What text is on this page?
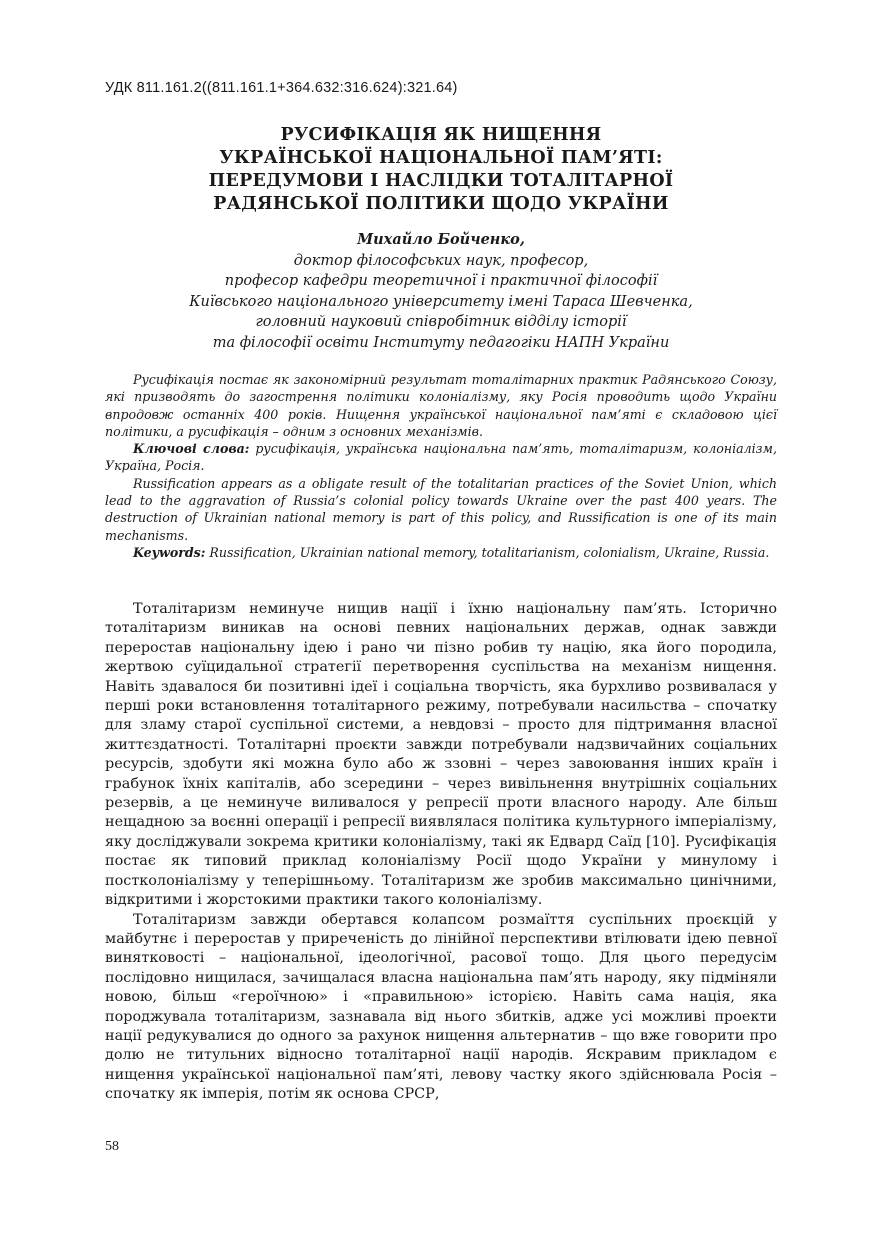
УДК 811.161.2((811.161.1+364.632:316.624):321.64)
РУСИФІКАЦІЯ ЯК НИЩЕННЯ
УКРАЇНСЬКОЇ НАЦІОНАЛЬНОЇ ПАМ’ЯТІ:
ПЕРЕДУМОВИ І НАСЛІДКИ ТОТАЛІТАРНОЇ
РАДЯНСЬКОЇ ПОЛІТИКИ ЩОДО УКРАЇНИ
Михайло Бойченко,
доктор філософських наук, професор,
професор кафедри теоретичної і практичної філософії
Київського національного університету імені Тараса Шевченка,
головний науковий співробітник відділу історії
та філософії освіти Інституту педагогіки НАПН України

Русифікація постає як закономірний результат тоталітарних практик Радянського Союзу, які призводять до загострення політики колоніалізму, яку Росія проводить щодо України впродовж останніх 400 років. Нищення української національної пам’яті є складовою цієї політики, а русифікація – одним з основних механізмів.

Ключові слова: русифікація, українська національна пам’ять, тоталітаризм, колоніалізм, Україна, Росія.

Russification appears as a obligate result of the totalitarian practices of the Soviet Union, which lead to the aggravation of Russia’s colonial policy towards Ukraine over the past 400 years. The destruction of Ukrainian national memory is part of this policy, and Russification is one of its main mechanisms.

Keywords: Russification, Ukrainian national memory, totalitarianism, colonialism, Ukraine, Russia.

Тоталітаризм неминуче нищив нації і їхню національну пам’ять. Історично тоталітаризм виникав на основі певних національних держав, однак завжди перерoстав національну ідею і рано чи пізно робив ту націю, яка його породила, жертвою суїцидальної стратегії перетворення суспільства на механізм нищення. Навіть здавалося би позитивні ідеї і соціальна творчість, яка бурхливо розвивалася у перші роки встановлення тоталітарного режиму, потребували насильства – спочатку для зламу старої суспільної системи, а невдовзі – просто для підтримання власної життєздатності. Тоталітарні проєкти завжди потребували надзвичайних соціальних ресурсів, здобути які можна було або ж ззовні – через завоювання інших країн і грабунок їхніх капіталів, або зсередини – через вивільнення внутрішніх соціальних резервів, а це неминуче виливалося у репресії проти власного народу. Але більш нещадною за воєнні операції і репресії виявлялася політика культурного імперіалізму, яку досліджували зокрема критики колоніалізму, такі як Едвард Саїд [10]. Русифікація постає як типовий приклад колоніалізму Росії щодо України у минулому і постколоніалізму у теперішньому. Тоталітаризм же зробив максимально цинічними, відкритими і жорстокими практики такого колоніалізму.

Тоталітаризм завжди обертався колапсом розмаїття суспільних проєкцій у майбутнє і переростав у приреченість до лінійної перспективи втілювати ідею певної винятковості – національної, ідеологічної, расової тощо. Для цього передусім послідовно нищилася, зачищалася власна національна пам’ять народу, яку підміняли новою, більш «героїчною» і «правильною» історією. Навіть сама нація, яка породжувала тоталітаризм, зазнавала від нього збитків, адже усі можливі проекти нації редукувалися до одного за рахунок нищення альтернатив – що вже говорити про долю не титульних відносно тоталітарної нації народів. Яскравим прикладом є нищення української національної пам’яті, левову частку якого здійснювала Росія – спочатку як імперія, потім як основа СРСР,

58
